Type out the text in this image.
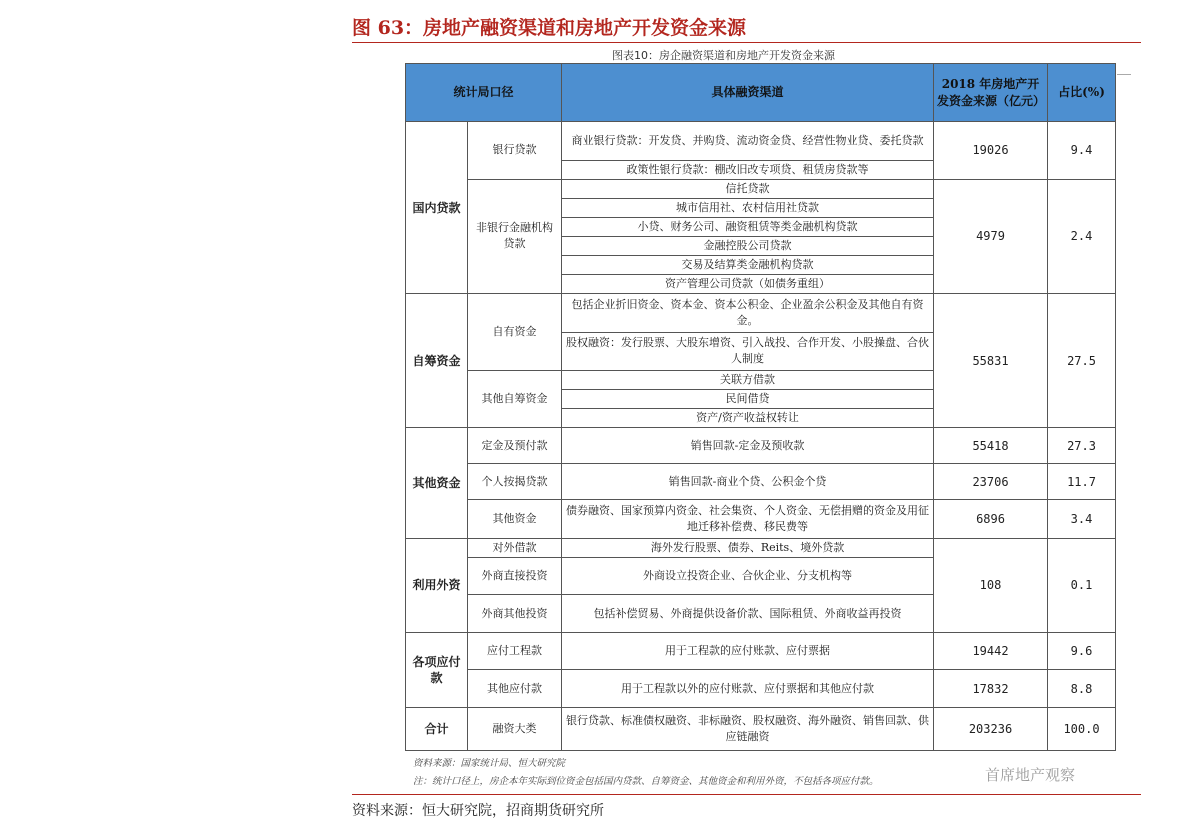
图 63：房地产融资渠道和房地产开发资金来源
图表10：房企融资渠道和房地产开发资金来源
统计局口径		具体融资渠道	2018 年房地产开发资金来源（亿元）	占比(%)
国内贷款	银行贷款	商业银行贷款：开发贷、并购贷、流动资金贷、经营性物业贷、委托贷款	19026	9.4
		政策性银行贷款：棚改旧改专项贷、租赁房贷款等		
	非银行金融机构贷款	信托贷款	4979	2.4
		城市信用社、农村信用社贷款		
		小贷、财务公司、融资租赁等类金融机构贷款		
		金融控股公司贷款		
		交易及结算类金融机构贷款		
		资产管理公司贷款（如债务重组）		
自筹资金	自有资金	包括企业折旧资金、资本金、资本公积金、企业盈余公积金及其他自有资金。	55831	27.5
		股权融资：发行股票、大股东增资、引入战投、合作开发、小股操盘、合伙人制度		
	其他自筹资金	关联方借款		
		民间借贷		
		资产/资产收益权转让		
其他资金	定金及预付款	销售回款-定金及预收款	55418	27.3
	个人按揭贷款	销售回款-商业个贷、公积金个贷	23706	11.7
	其他资金	债券融资、国家预算内资金、社会集资、个人资金、无偿捐赠的资金及用征地迁移补偿费、移民费等	6896	3.4
利用外资	对外借款	海外发行股票、债券、Reits、境外贷款	108	0.1
	外商直接投资	外商设立投资企业、合伙企业、分支机构等		
	外商其他投资	包括补偿贸易、外商提供设备价款、国际租赁、外商收益再投资		
各项应付款	应付工程款	用于工程款的应付账款、应付票据	19442	9.6
	其他应付款	用于工程款以外的应付账款、应付票据和其他应付款	17832	8.8
合计	融资大类	银行贷款、标准债权融资、非标融资、股权融资、海外融资、销售回款、供应链融资	203236	100.0
资料来源：国家统计局、恒大研究院
注：统计口径上，房企本年实际到位资金包括国内贷款、自筹资金、其他资金和利用外资，不包括各项应付款。	首席地产观察
资料来源：恒大研究院，招商期货研究所
